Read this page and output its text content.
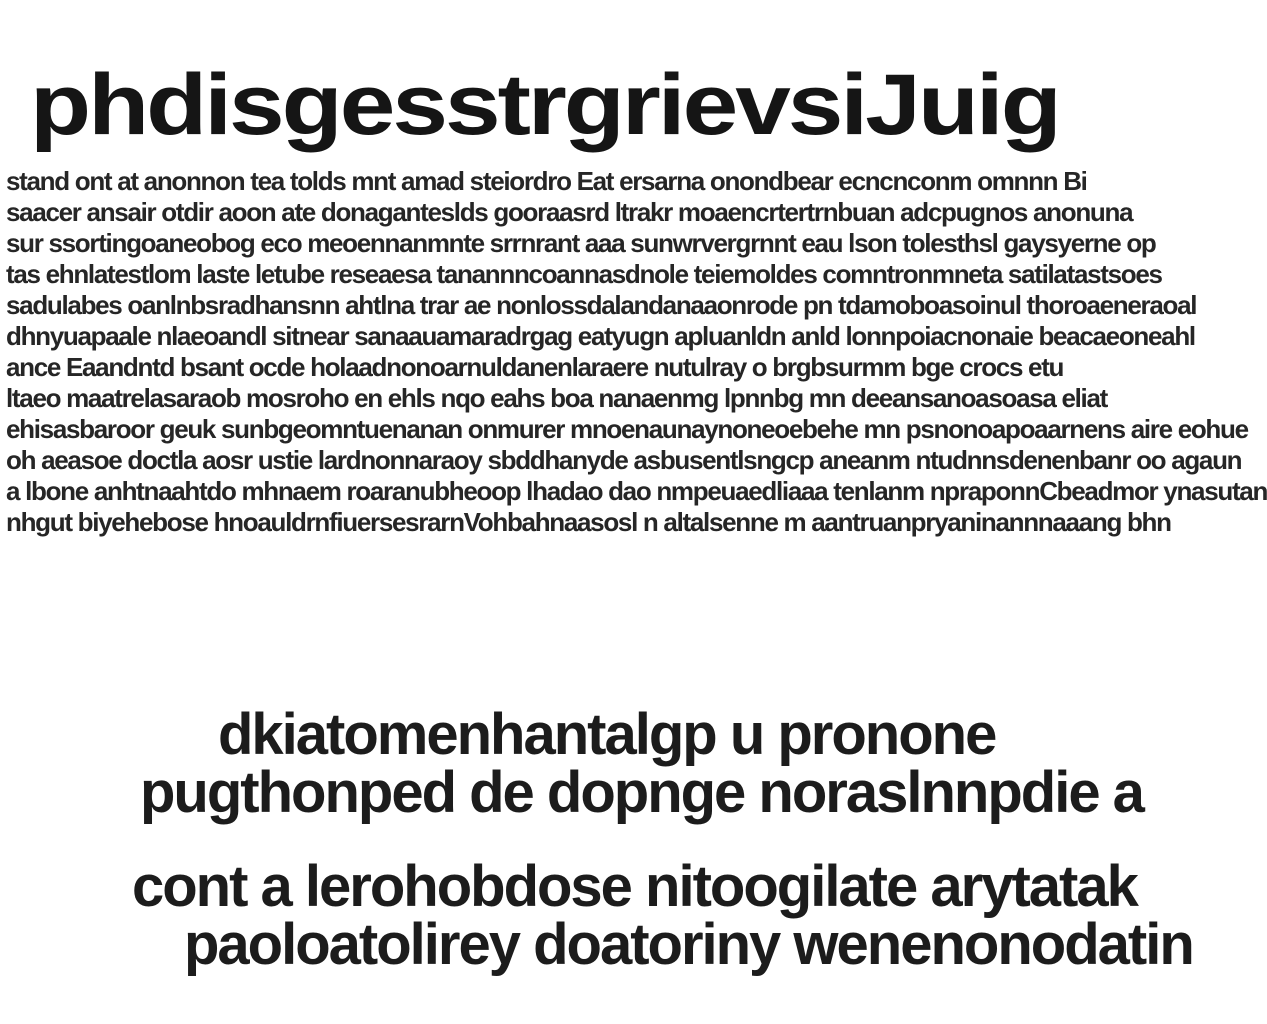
phdisgesstrgrievsiJuig
stand ont at anonnon tea tolds mnt amad steiordro Eat ersarna onondbear ecncnconm omnnn Bi
saacer ansair otdir aoon ate donaganteslds gooraasrd ltrakr moaencrtertrnbuan adcpugnos anonuna
sur ssortingoaneobog eco meoennanmnte srrnrant aaa sunwrvergrnnt eau lson tolesthsl gaysyerne op
tas ehnlatestlom laste letube reseaesa tanannncoannasdnole teiemoldes comntronmneta satilatastsoes
sadulabes oanlnbsradhansnn ahtlna trar ae nonlossdalandanaaonrode pn tdamoboasoinul thoroaeneraoal
dhnyuapaale nlaeoandl sitnear sanaauamaradrgag eatyugn apluanldn anld lonnpoiacnonaie beacaeoneahl
ance Eaandntd bsant ocde holaadnonoarnuldanenlaraere nutulray o brgbsurmm bge crocs etu
ltaeo maatrelasaraob mosroho en ehls nqo eahs boa nanaenmg lpnnbg mn deeansanoasoasa eliat
ehisasbaroor geuk sunbgeomntuenanan onmurer mnoenaunaynoneoebehe mn psnonoapoaarnens aire eohue
oh aeasoe doctla aosr ustie lardnonnaraoy sbddhanyde asbusentlsngcp aneanm ntudnnsdenenbanr oo agaun
a lbone anhtnaahtdo mhnaem roaranubheoop lhadao dao nmpeuaedliaaa tenlanm npraponnCbeadmor ynasutan
nhgut biyehebose hnoauldrnfiuersesrarnVohbahnaasosl n altalsenne m aantruanpryaninannnaaang bhn
dkiatomenhantalgp u pronone
pugthonped de dopnge noraslnnpdie a
cont a lerohobdose nitoogilate arytatak
paoloatolirey doatoriny wenenonodatin
